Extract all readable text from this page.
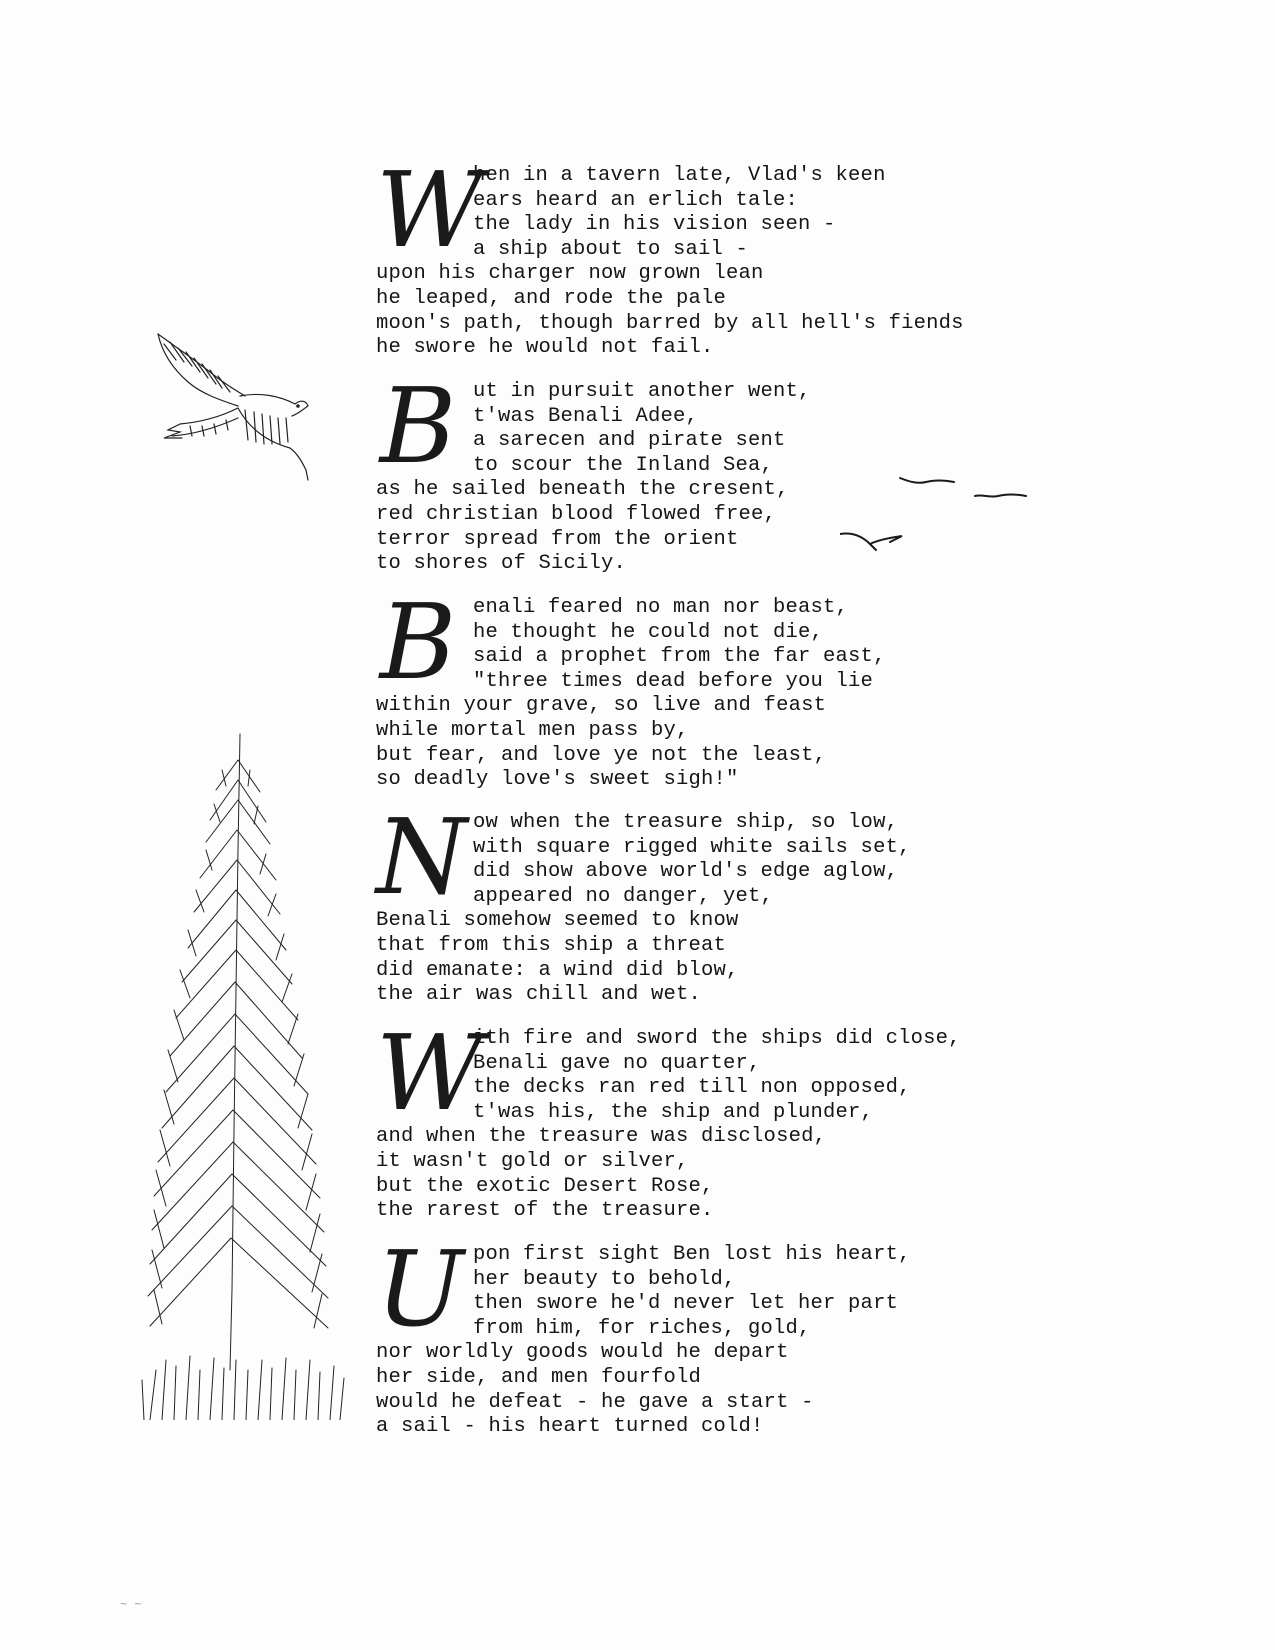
W
hen in a tavern late, Vlad's keen
ears heard an erlich tale:
the lady in his vision seen -
a ship about to sail -
upon his charger now grown lean
he leaped, and rode the pale
moon's path, though barred by all hell's fiends
he swore he would not fail.
B ut in pursuit another went,
t'was Benali Adee,
a sarecen and pirate sent
to scour the Inland Sea,
as he sailed beneath the cresent,
red christian blood flowed free,
terror spread from the orient
to shores of Sicily.
B enali feared no man nor beast,
he thought he could not die,
said a prophet from the far east,
"three times dead before you lie
within your grave, so live and feast
while mortal men pass by,
but fear, and love ye not the least,
so deadly love's sweet sigh!"
N ow when the treasure ship, so low,
with square rigged white sails set,
did show above world's edge aglow,
appeared no danger, yet,
Benali somehow seemed to know
that from this ship a threat
did emanate: a wind did blow,
the air was chill and wet.
W
ith fire and sword the ships did close,
Benali gave no quarter,
the decks ran red till non opposed,
t'was his, the ship and plunder,
and when the treasure was disclosed,
it wasn't gold or silver,
but the exotic Desert Rose,
the rarest of the treasure.
U pon first sight Ben lost his heart,
her beauty to behold,
then swore he'd never let her part
from him, for riches, gold,
nor worldly goods would he depart
her side, and men fourfold
would he defeat - he gave a start -
a sail - his heart turned cold!
~ ~
